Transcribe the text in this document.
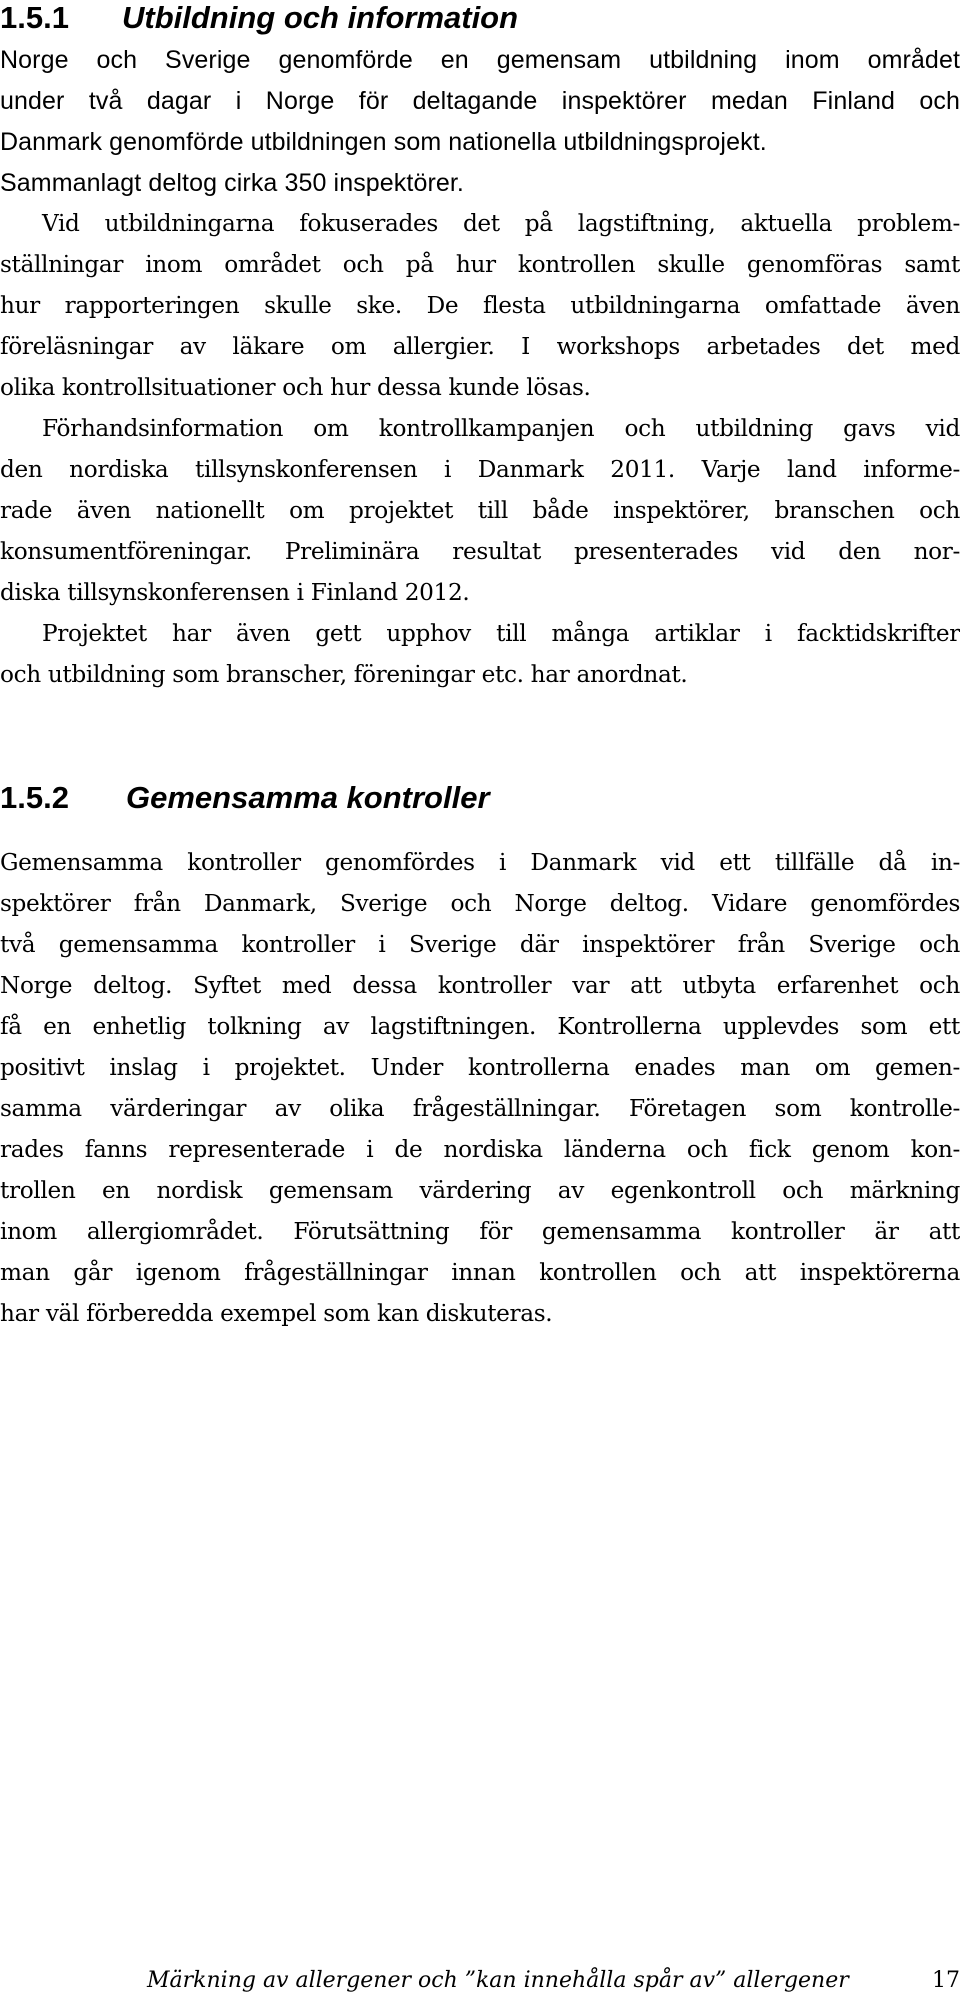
1.5.1	Utbildning och information
Norge och Sverige genomförde en gemensam utbildning inom området
under två dagar i Norge för deltagande inspektörer medan Finland och
Danmark genomförde utbildningen som nationella utbildningsprojekt.
Sammanlagt deltog cirka 350 inspektörer.
Vid utbildningarna fokuserades det på lagstiftning, aktuella problem-
ställningar inom området och på hur kontrollen skulle genomföras samt
hur rapporteringen skulle ske. De flesta utbildningarna omfattade även
föreläsningar av läkare om allergier. I workshops arbetades det med
olika kontrollsituationer och hur dessa kunde lösas.
Förhandsinformation om kontrollkampanjen och utbildning gavs vid
den nordiska tillsynskonferensen i Danmark 2011. Varje land informe-
rade även nationellt om projektet till både inspektörer, branschen och
konsumentföreningar. Preliminära resultat presenterades vid den nor-
diska tillsynskonferensen i Finland 2012.
Projektet har även gett upphov till många artiklar i facktidskrifter
och utbildning som branscher, föreningar etc. har anordnat.
1.5.2	Gemensamma kontroller
Gemensamma kontroller genomfördes i Danmark vid ett tillfälle då in-
spektörer från Danmark, Sverige och Norge deltog. Vidare genomfördes
två gemensamma kontroller i Sverige där inspektörer från Sverige och
Norge deltog. Syftet med dessa kontroller var att utbyta erfarenhet och
få en enhetlig tolkning av lagstiftningen. Kontrollerna upplevdes som ett
positivt inslag i projektet. Under kontrollerna enades man om gemen-
samma värderingar av olika frågeställningar. Företagen som kontrolle-
rades fanns representerade i de nordiska länderna och fick genom kon-
trollen en nordisk gemensam värdering av egenkontroll och märkning
inom allergiområdet. Förutsättning för gemensamma kontroller är att
man går igenom frågeställningar innan kontrollen och att inspektörerna
har väl förberedda exempel som kan diskuteras.
Märkning av allergener och ”kan innehålla spår av” allergener	17
